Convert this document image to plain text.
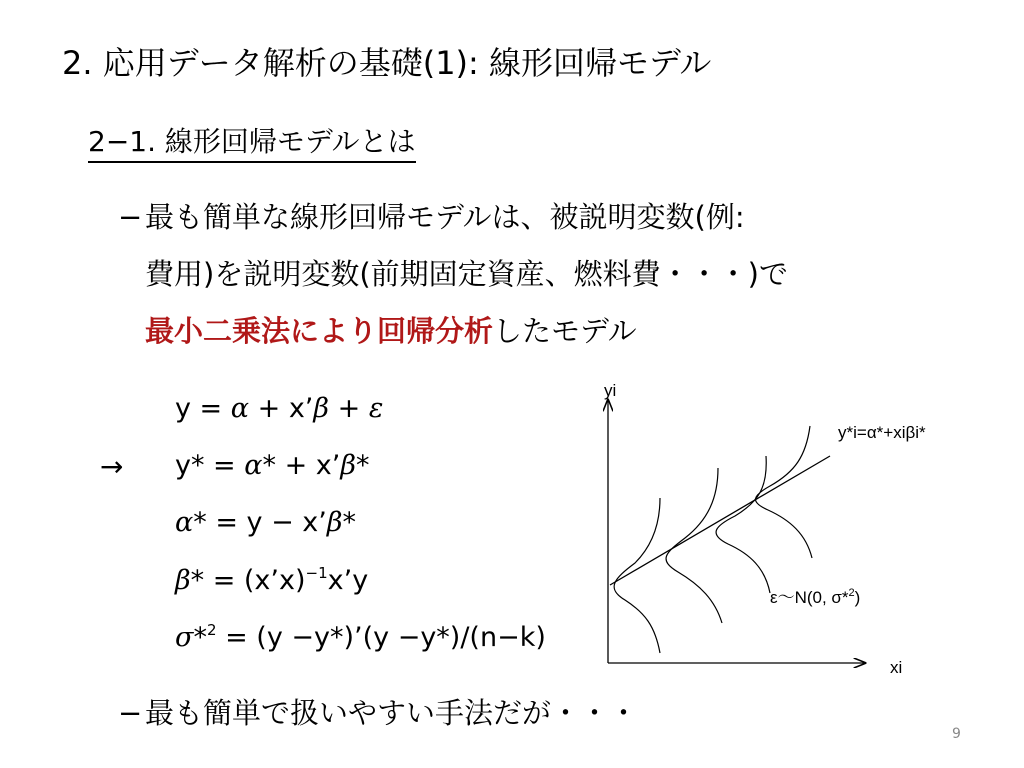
2. 応用データ解析の基礎(1): 線形回帰モデル
2−1. 線形回帰モデルとは
− 最も簡単な線形回帰モデルは、被説明変数(例:
費用)を説明変数(前期固定資産、燃料費・・・)で
最小二乗法により回帰分析したモデル
y = α + x’β + ε
→ y* = α* + x’β*
α* = y − x’β*
β* = (x’x)$^{-1}$x’y
σ*$^2$ = (y −y*)’(y −y*)/(n−k)
yi
xi
y*i=α*+xiβi*
ε～N(0, σ*$^2$)
− 最も簡単で扱いやすい手法だが・・・
9
